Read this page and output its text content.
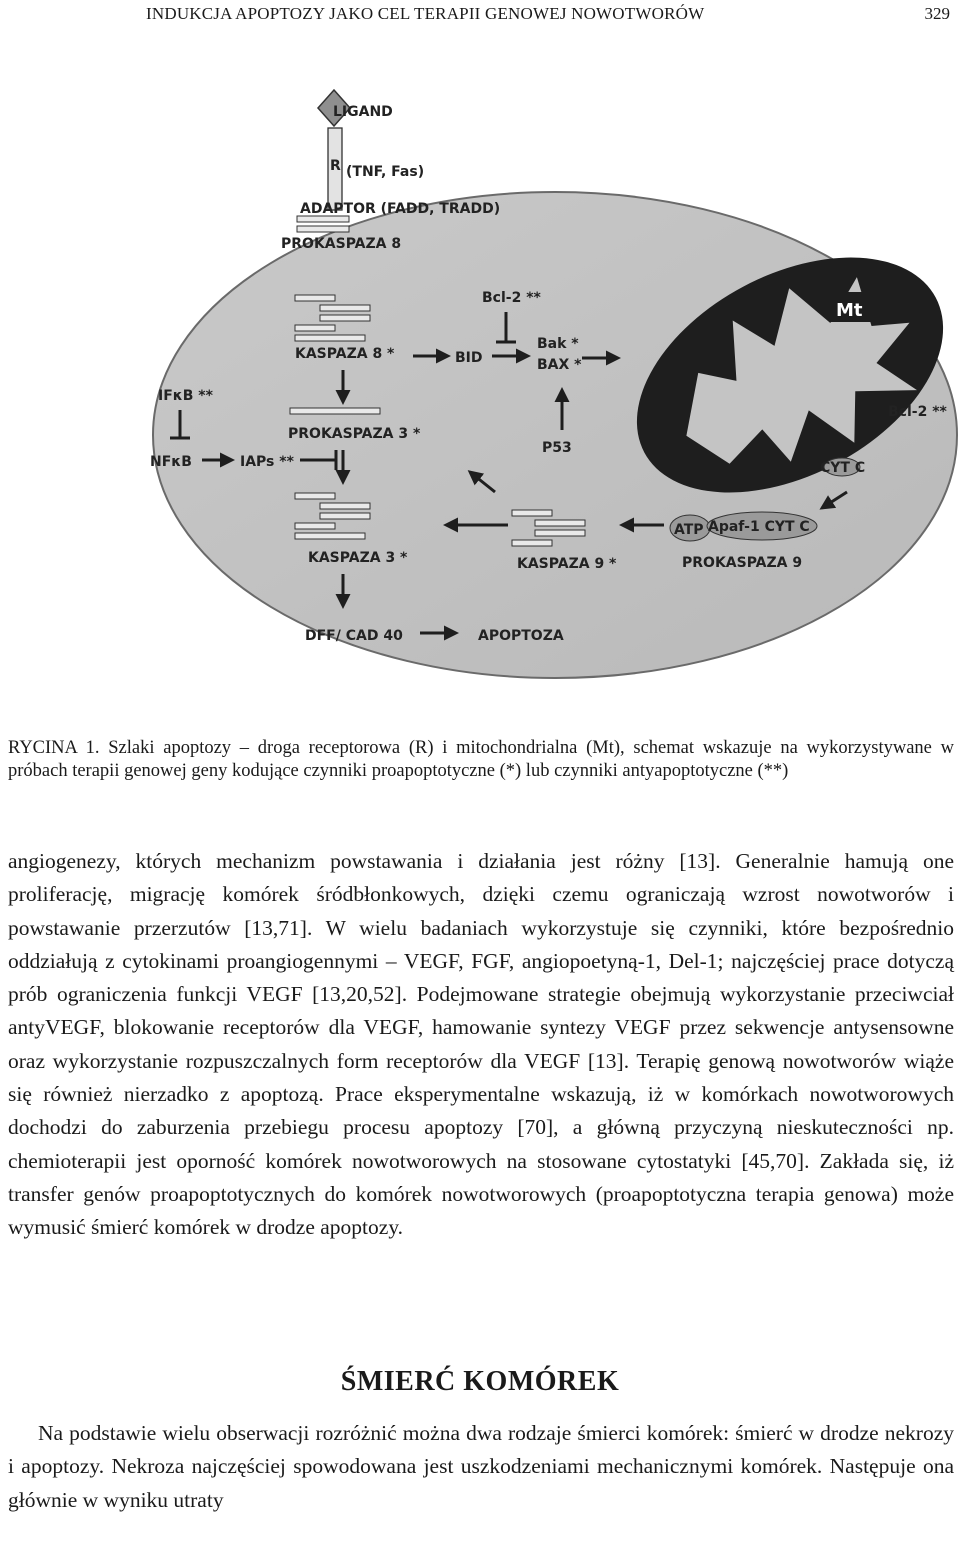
INDUKCJA APOPTOZY JAKO CEL TERAPII GENOWEJ NOWOTWORÓW	329
Mt
LIGAND
R (TNF, Fas)
ADAPTOR (FADD, TRADD)
PROKASPAZA 8
KASPAZA 8 *
Bcl-2 **
BID
Bak *
BAX *
P53
IFκB **
NFκB	IAPs **
PROKASPAZA 3 *
KASPAZA 3 *	KASPAZA 9 *
ATP Apaf-1 CYT C
PROKASPAZA 9
Bcl-2 **
CYT C
DFF/ CAD 40	APOPTOZA
RYCINA 1. Szlaki apoptozy – droga receptorowa (R) i mitochondrialna (Mt), schemat wskazuje na wykorzystywane w próbach terapii genowej geny kodujące czynniki proapoptotyczne (*) lub czynniki antyapoptotyczne (**)

angiogenezy, których mechanizm powstawania i działania jest różny [13]. Generalnie hamują one proliferację, migrację komórek śródbłonkowych, dzięki czemu ograniczają wzrost nowotworów i powstawanie przerzutów [13,71]. W wielu badaniach wykorzystuje się czynniki, które bezpośrednio oddziałują z cytokinami proangiogennymi – VEGF, FGF, angiopoetyną-1, Del-1; najczęściej prace dotyczą prób ograniczenia funkcji VEGF [13,20,52]. Podejmowane strategie obejmują wykorzystanie przeciwciał antyVEGF, blokowanie receptorów dla VEGF, hamowanie syntezy VEGF przez sekwencje antysensowne oraz wykorzystanie rozpuszczalnych form receptorów dla VEGF [13]. Terapię genową nowotworów wiąże się również nierzadko z apoptozą. Prace eksperymentalne wskazują, iż w komórkach nowotworowych dochodzi do zaburzenia przebiegu procesu apoptozy [70], a główną przyczyną nieskuteczności np. chemioterapii jest oporność komórek nowotworowych na stosowane cytostatyki [45,70]. Zakłada się, iż transfer genów proapoptotycznych do komórek nowotworowych (proapoptotyczna terapia genowa) może wymusić śmierć komórek w drodze apoptozy.

ŚMIERĆ KOMÓREK

Na podstawie wielu obserwacji rozróżnić można dwa rodzaje śmierci komórek: śmierć w drodze nekrozy i apoptozy. Nekroza najczęściej spowodowana jest uszkodzeniami mechanicznymi komórek. Następuje ona głównie w wyniku utraty
